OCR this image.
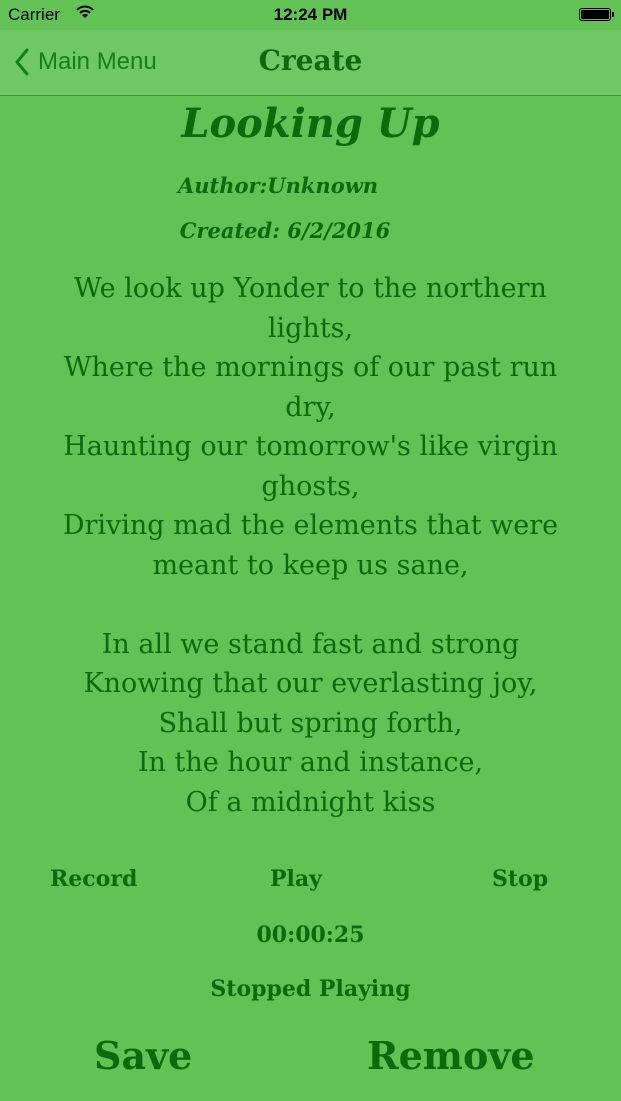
Carrier	12:24 PM
Main Menu	Create
Looking Up
Author:Unknown
Created: 6/2/2016

We look up Yonder to the northern lights,

Where the mornings of our past run dry,

Haunting our tomorrow's like virgin ghosts,

Driving mad the elements that were meant to keep us sane,

In all we stand fast and strong

Knowing that our everlasting joy,

Shall but spring forth,

In the hour and instance,

Of a midnight kiss

Record	Play	Stop
00:00:25
Stopped Playing
Save	Remove
